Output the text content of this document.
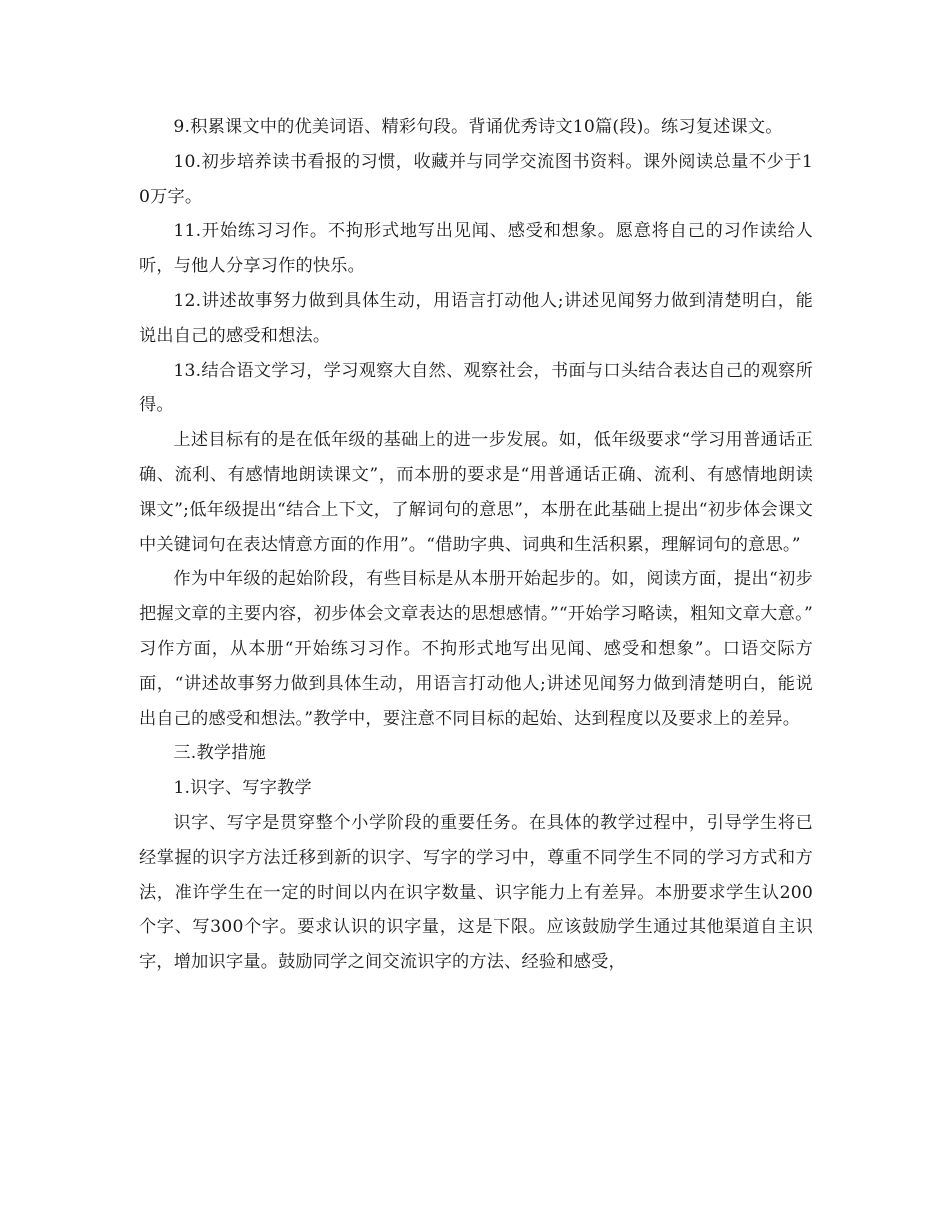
9.积累课文中的优美词语、精彩句段。背诵优秀诗文10篇(段)。练习复述课文。

10.初步培养读书看报的习惯，收藏并与同学交流图书资料。课外阅读总量不少于10万字。

11.开始练习习作。不拘形式地写出见闻、感受和想象。愿意将自己的习作读给人听，与他人分享习作的快乐。

12.讲述故事努力做到具体生动，用语言打动他人;讲述见闻努力做到清楚明白，能说出自己的感受和想法。

13.结合语文学习，学习观察大自然、观察社会，书面与口头结合表达自己的观察所得。

上述目标有的是在低年级的基础上的进一步发展。如，低年级要求“学习用普通话正确、流利、有感情地朗读课文”，而本册的要求是“用普通话正确、流利、有感情地朗读课文”;低年级提出“结合上下文，了解词句的意思”，本册在此基础上提出“初步体会课文中关键词句在表达情意方面的作用”。“借助字典、词典和生活积累，理解词句的意思。”

作为中年级的起始阶段，有些目标是从本册开始起步的。如，阅读方面，提出“初步把握文章的主要内容，初步体会文章表达的思想感情。”“开始学习略读，粗知文章大意。” 习作方面，从本册“开始练习习作。不拘形式地写出见闻、感受和想象”。口语交际方面，“讲述故事努力做到具体生动，用语言打动他人;讲述见闻努力做到清楚明白，能说出自己的感受和想法。”教学中，要注意不同目标的起始、达到程度以及要求上的差异。

三.教学措施

1.识字、写字教学

识字、写字是贯穿整个小学阶段的重要任务。在具体的教学过程中，引导学生将已经掌握的识字方法迁移到新的识字、写字的学习中，尊重不同学生不同的学习方式和方法，准许学生在一定的时间以内在识字数量、识字能力上有差异。本册要求学生认200个字、写300个字。要求认识的识字量，这是下限。应该鼓励学生通过其他渠道自主识字，增加识字量。鼓励同学之间交流识字的方法、经验和感受，
